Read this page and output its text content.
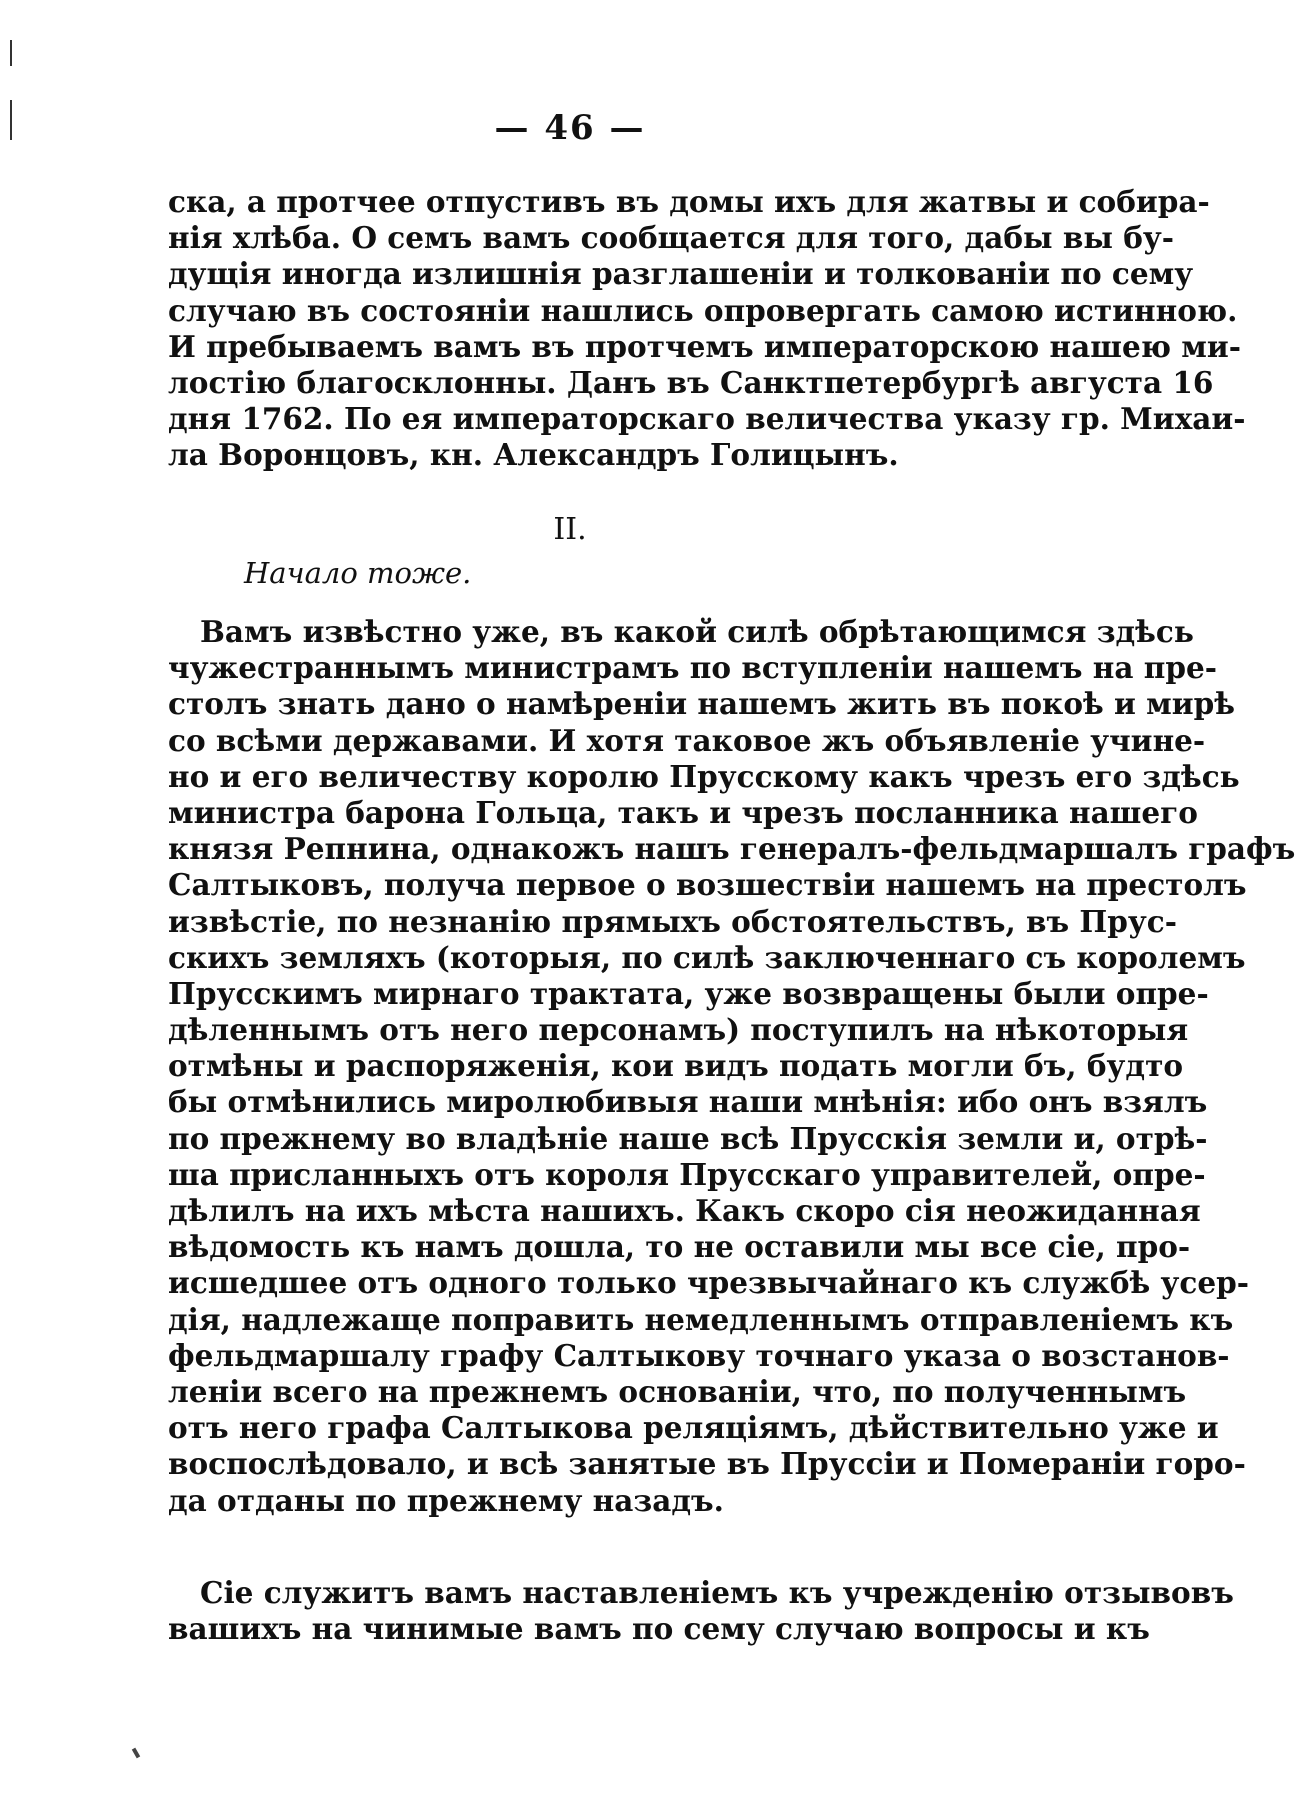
— 46 —
ска, а протчее отпустивъ въ домы ихъ для жатвы и собира-
нія хлѣба. О семъ вамъ сообщается для того, дабы вы бу-
дущія иногда излишнія разглашеніи и толкованіи по сему
случаю въ состояніи нашлись опровергать самою истинною.
И пребываемъ вамъ въ протчемъ императорскою нашею ми-
лостію благосклонны. Данъ въ Санктпетербургѣ августа 16
дня 1762. По ея императорскаго величества указу гр. Михаи-
ла Воронцовъ, кн. Александръ Голицынъ.
II.
Начало тоже.
Вамъ извѣстно уже, въ какой силѣ обрѣтающимся здѣсь
чужестраннымъ министрамъ по вступленіи нашемъ на пре-
столъ знать дано о намѣреніи нашемъ жить въ покоѣ и мирѣ
со всѣми державами. И хотя таковое жъ объявленіе учине-
но и его величеству королю Прусскому какъ чрезъ его здѣсь
министра барона Гольца, такъ и чрезъ посланника нашего
князя Репнина, однакожъ нашъ генералъ-фельдмаршалъ графъ
Салтыковъ, получа первое о возшествіи нашемъ на престолъ
извѣстіе, по незнанію прямыхъ обстоятельствъ, въ Прус-
скихъ земляхъ (которыя, по силѣ заключеннаго съ королемъ
Прусскимъ мирнаго трактата, уже возвращены были опре-
дѣленнымъ отъ него персонамъ) поступилъ на нѣкоторыя
отмѣны и распоряженія, кои видъ подать могли бъ, будто
бы отмѣнились миролюбивыя наши мнѣнія: ибо онъ взялъ
по прежнему во владѣніе наше всѣ Прусскія земли и, отрѣ-
ша присланныхъ отъ короля Прусскаго управителей, опре-
дѣлилъ на ихъ мѣста нашихъ. Какъ скоро сія неожиданная
вѣдомость къ намъ дошла, то не оставили мы все сіе, про-
исшедшее отъ одного только чрезвычайнаго къ службѣ усер-
дія, надлежаще поправить немедленнымъ отправленіемъ къ
фельдмаршалу графу Салтыкову точнаго указа о возстанов-
леніи всего на прежнемъ основаніи, что, по полученнымъ
отъ него графа Салтыкова реляціямъ, дѣйствительно уже и
воспослѣдовало, и всѣ занятые въ Пруссіи и Помераніи горо-
да отданы по прежнему назадъ.
Сіе служитъ вамъ наставленіемъ къ учрежденію отзывовъ
вашихъ на чинимые вамъ по сему случаю вопросы и къ
